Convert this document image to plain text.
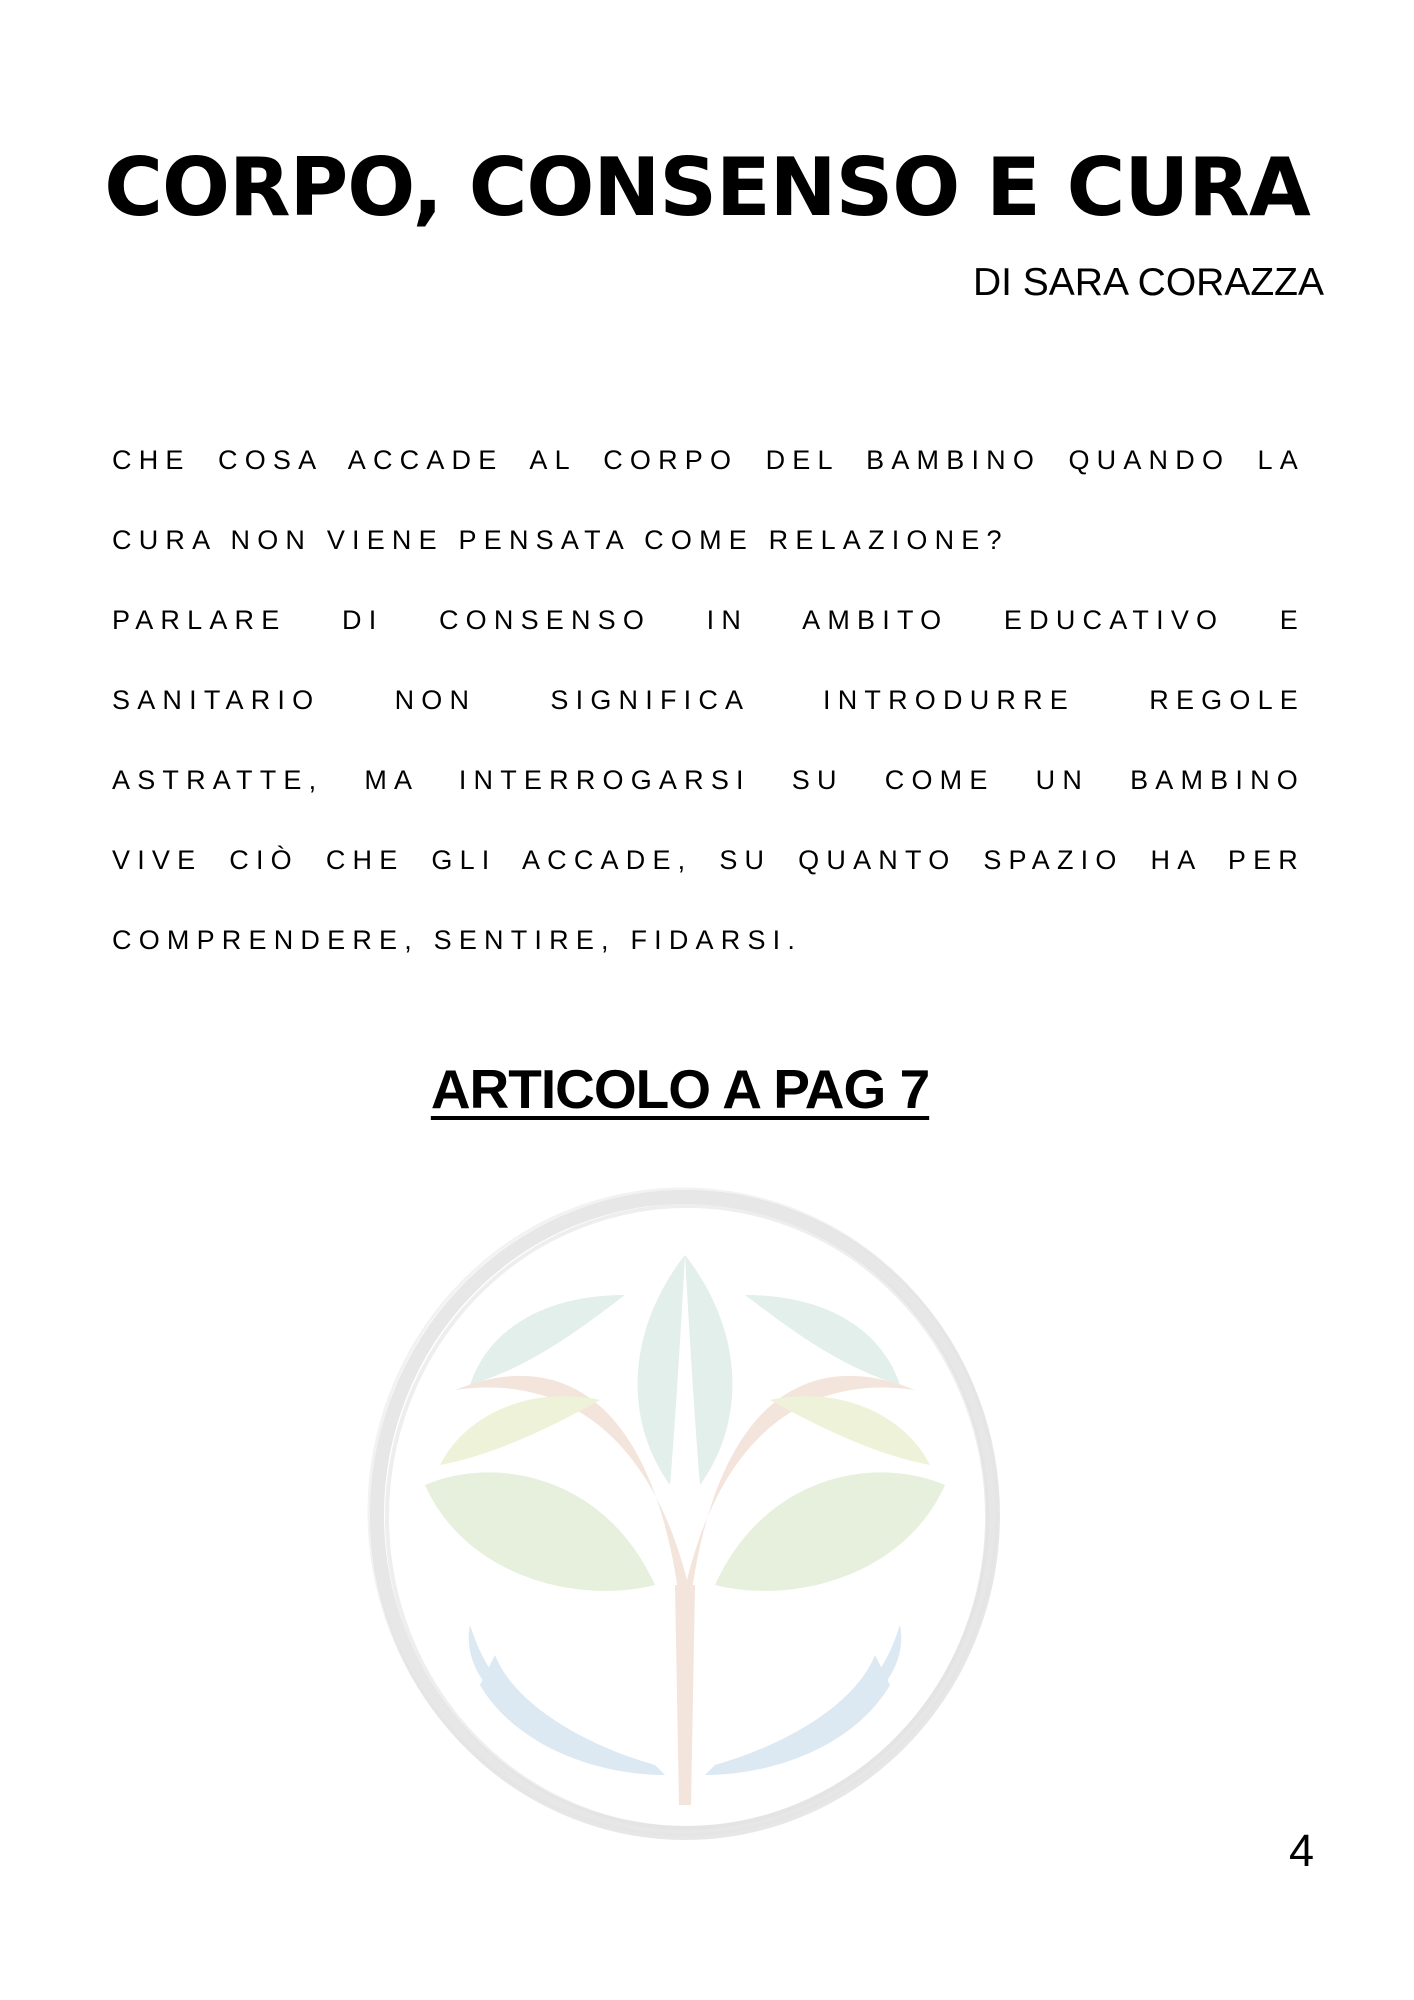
CORPO, CONSENSO E CURA
DI SARA CORAZZA
CHE COSA ACCADE AL CORPO DEL BAMBINO QUANDO LA
CURA NON VIENE PENSATA COME RELAZIONE?
PARLARE DI CONSENSO IN AMBITO EDUCATIVO E
SANITARIO NON SIGNIFICA INTRODURRE REGOLE
ASTRATTE, MA INTERROGARSI SU COME UN BAMBINO
VIVE CIÒ CHE GLI ACCADE, SU QUANTO SPAZIO HA PER
COMPRENDERE, SENTIRE, FIDARSI.
ARTICOLO A PAG 7
4
